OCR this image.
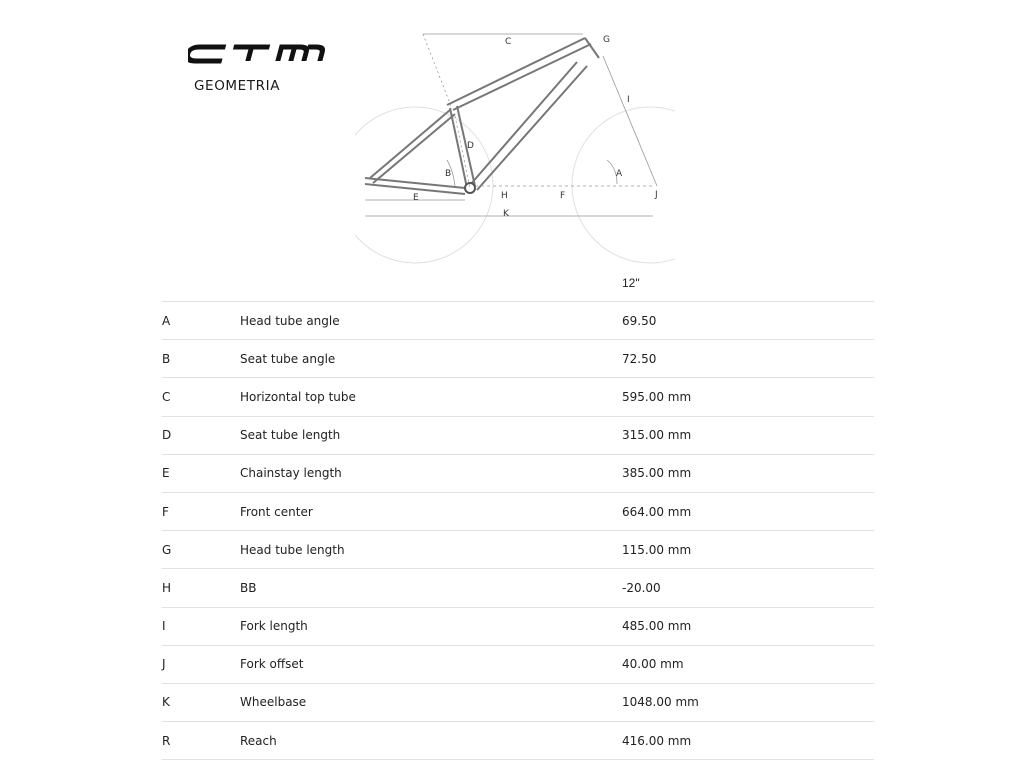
GEOMETRIA
C	G
I
D
B	A
H	F	J
E
K
12"
A	Head tube angle	69.50
B	Seat tube angle	72.50
C	Horizontal top tube	595.00 mm
D	Seat tube length	315.00 mm
E	Chainstay length	385.00 mm
F	Front center	664.00 mm
G	Head tube length	115.00 mm
H	BB	-20.00
I	Fork length	485.00 mm
J	Fork offset	40.00 mm
K	Wheelbase	1048.00 mm
R	Reach	416.00 mm
